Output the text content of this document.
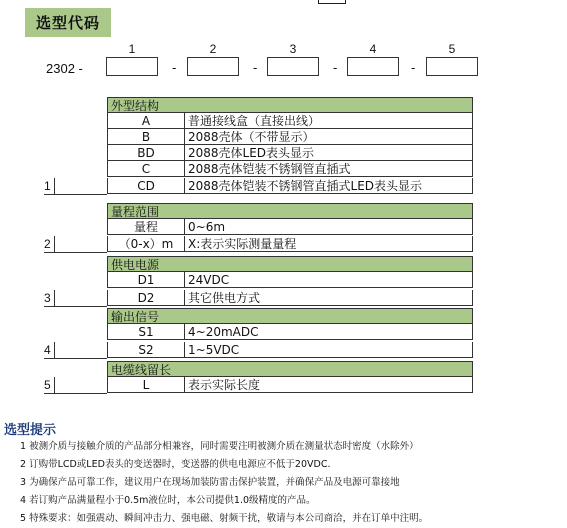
选型代码
2302 -
1
-
2
-
3
-
4
-
5
外型结构
A	普通接线盒（直接出线）
B	2088壳体（不带显示）
BD	2088壳体LED表头显示
C	2088壳体铠装不锈钢管直插式
1	CD	2088壳体铠装不锈钢管直插式LED表头显示
量程范围
量程	0~6m
2	（0-x）m	X:表示实际测量量程
供电电源
D1	24VDC
3	D2	其它供电方式
输出信号
S1	4~20mADC
4	S2	1~5VDC
电缆线留长
5	L	表示实际长度
选型提示
1 被测介质与接触介质的产品部分相兼容，同时需要注明被测介质在测量状态时密度（水除外）
2 订购带LCD或LED表头的变送器时，变送器的供电电源应不低于20VDC.
3 为确保产品可靠工作，建议用户在现场加装防雷击保护装置，并确保产品及电源可靠接地
4 若订购产品满量程小于0.5m液位时，本公司提供1.0级精度的产品。
5 特殊要求：如强震动、瞬间冲击力、强电磁、射频干扰，敬请与本公司商洽，并在订单中注明。
